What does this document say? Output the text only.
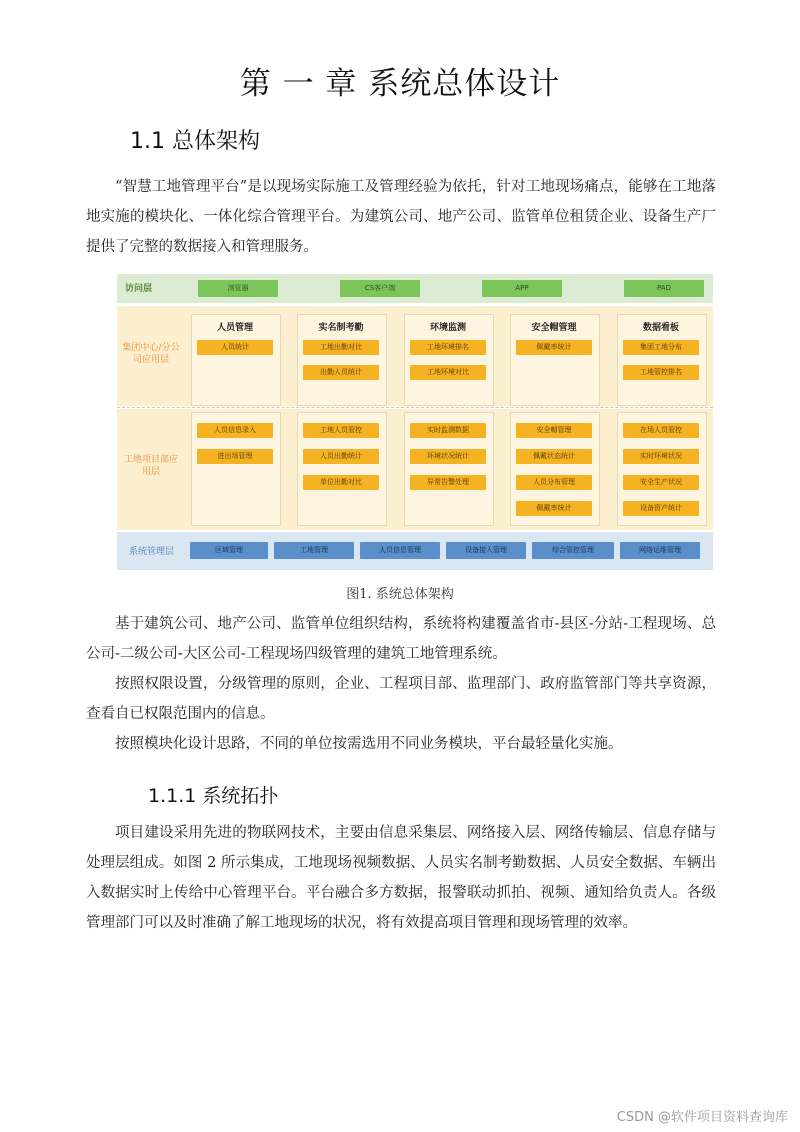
第 一 章 系统总体设计
1.1 总体架构

“智慧工地管理平台”是以现场实际施工及管理经验为依托，针对工地现场痛点，能够在工地落地实施的模块化、一体化综合管理平台。为建筑公司、地产公司、监管单位租赁企业、设备生产厂提供了完整的数据接入和管理服务。

访问层
集团中心/分公司应用层
工地项目部应用层
系统管理层
浏览器	CS客户端	APP	PAD
人员管理
人员统计
人员信息录入
进出场管理
实名制考勤
工地出勤对比
出勤人员统计
工地人员管控
人员出勤统计
单位出勤对比
环境监测
工地环境排名
工地环境对比
实时监测数据
环境状况统计
异常告警处理
安全帽管理
佩戴率统计
安全帽管理
佩戴状态统计
人员分布管理
佩戴率统计
数据看板
集团工地分布
工地管控排名
在场人员管控
实时环境状况
安全生产状况
设备资产统计
区域管理	工地管理	人员信息管理	设备接入管理	综合管控管理	网络运维管理
图1. 系统总体架构

基于建筑公司、地产公司、监管单位组织结构，系统将构建覆盖省市-县区-分站-工程现场、总公司-二级公司-大区公司-工程现场四级管理的建筑工地管理系统。

按照权限设置，分级管理的原则，企业、工程项目部、监理部门、政府监管部门等共享资源，查看自已权限范围内的信息。

按照模块化设计思路，不同的单位按需选用不同业务模块，平台最轻量化实施。

1.1.1 系统拓扑

项目建设采用先进的物联网技术，主要由信息采集层、网络接入层、网络传输层、信息存储与处理层组成。如图 2 所示集成，工地现场视频数据、人员实名制考勤数据、人员安全数据、车辆出入数据实时上传给中心管理平台。平台融合多方数据，报警联动抓拍、视频、通知给负责人。各级管理部门可以及时准确了解工地现场的状况，将有效提高项目管理和现场管理的效率。

CSDN @软件项目资料查询库
